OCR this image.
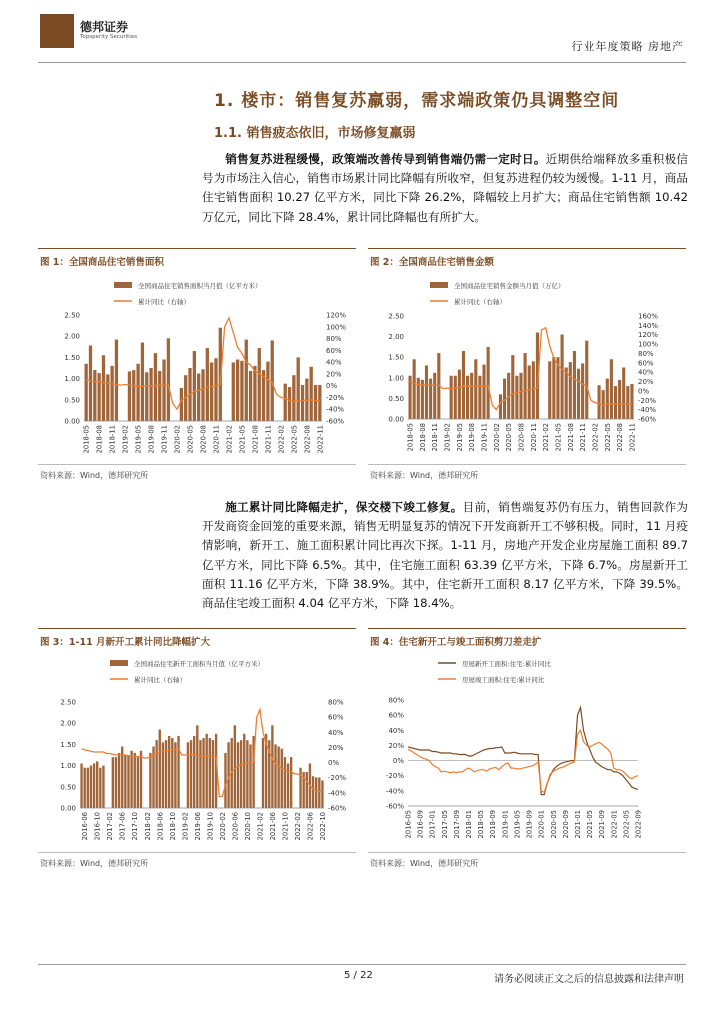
德邦证券
Topsperity Securities
行业年度策略 房地产
1. 楼市：销售复苏羸弱，需求端政策仍具调整空间
1.1. 销售疲态依旧，市场修复羸弱

销售复苏进程缓慢，政策端改善传导到销售端仍需一定时日。近期供给端释放多重积极信号为市场注入信心，销售市场累计同比降幅有所收窄，但复苏进程仍较为缓慢。1-11 月，商品住宅销售面积 10.27 亿平方米，同比下降 26.2%，降幅较上月扩大；商品住宅销售额 10.42 万亿元，同比下降 28.4%，累计同比降幅也有所扩大。

图 1：全国商品住宅销售面积
全国商品住宅销售面积当月值（亿平方米）
累计同比（右轴）
0.00
0.50
1.00
1.50
2.00
2.50
-60%
-40%
-20%
0%
20%
40%
60%
80%
100%
120%
2018-05 2018-08 2018-11 2019-02 2019-05 2019-08 2019-11 2020-02 2020-05 2020-08 2020-11 2021-02 2021-05 2021-08 2021-11 2022-02 2022-05 2022-08 2022-11
资料来源：Wind，德邦研究所
图 2：全国商品住宅销售金额
全国商品住宅销售金额当月值（万亿）
累计同比（右轴）
0.00
0.50
1.00
1.50
2.00
2.50
-60%
-40%
-20%
0%
20%
40%
60%
80%
100%
120%
140%
160%
2018-05 2018-08 2018-11 2019-02 2019-05 2019-08 2019-11 2020-02 2020-05 2020-08 2020-11 2021-02 2021-05 2021-08 2021-11 2022-02 2022-05 2022-08 2022-11
资料来源：Wind，德邦研究所

施工累计同比降幅走扩，保交楼下竣工修复。目前，销售端复苏仍有压力，销售回款作为开发商资金回笼的重要来源，销售无明显复苏的情况下开发商新开工不够积极。同时，11 月疫情影响，新开工、施工面积累计同比再次下探。1-11 月，房地产开发企业房屋施工面积 89.7 亿平方米，同比下降 6.5%。其中，住宅施工面积 63.39 亿平方米，下降 6.7%。房屋新开工面积 11.16 亿平方米，下降 38.9%。其中，住宅新开工面积 8.17 亿平方米，下降 39.5%。商品住宅竣工面积 4.04 亿平方米，下降 18.4%。

图 3：1-11 月新开工累计同比降幅扩大
全国商品住宅新开工面积当月值（亿平方米）
累计同比（右轴）
0.00
0.50
1.00
1.50
2.00
2.50
-60%
-40%
-20%
0%
20%
40%
60%
80%
2016-06 2016-10 2017-02 2017-06 2017-10 2018-02 2018-06 2018-10 2019-02 2019-06 2019-10 2020-02 2020-06 2020-10 2021-02 2021-06 2021-10 2022-02 2022-06 2022-10
资料来源：Wind，德邦研究所
图 4：住宅新开工与竣工面积剪刀差走扩
房屋新开工面积:住宅:累计同比
房屋竣工面积:住宅:累计同比
-60%
-40%
-20%
0%
20%
40%
60%
80%
2016-05 2016-09 2017-01 2017-05 2017-09 2018-01 2018-05 2018-09 2019-01 2019-05 2019-09 2020-01 2020-05 2020-09 2021-01 2021-05 2021-09 2022-01 2022-05 2022-09
资料来源：Wind，德邦研究所
5 / 22	请务必阅读正文之后的信息披露和法律声明
